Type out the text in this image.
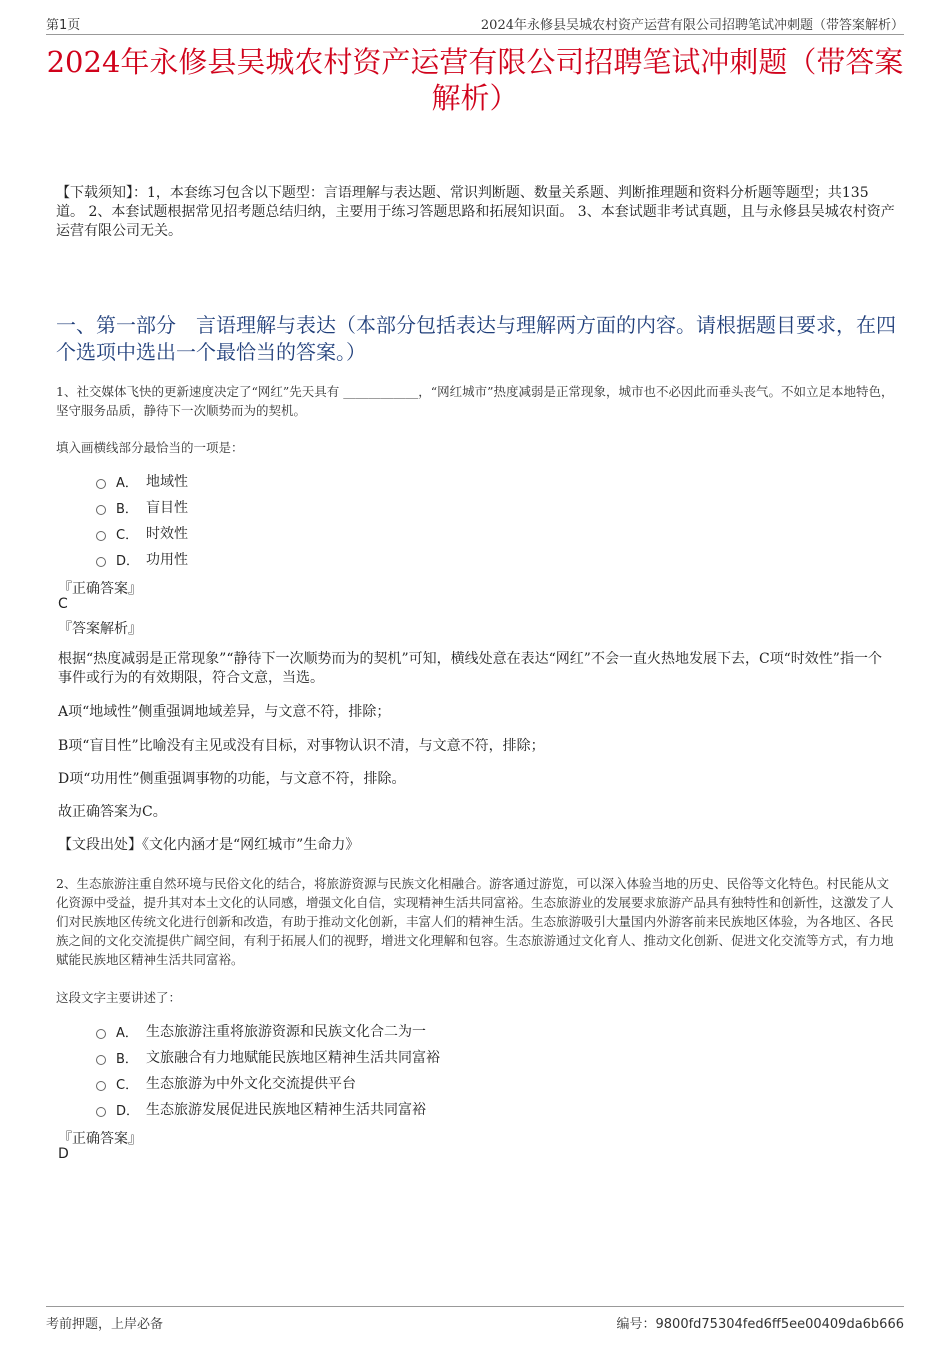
第1页	2024年永修县吴城农村资产运营有限公司招聘笔试冲刺题（带答案解析）
2024年永修县吴城农村资产运营有限公司招聘笔试冲刺题（带答案解析）
【下载须知】：1，本套练习包含以下题型：言语理解与表达题、常识判断题、数量关系题、判断推理题和资料分析题等题型；共135道。 2、本套试题根据常见招考题总结归纳，主要用于练习答题思路和拓展知识面。 3、本套试题非考试真题，且与永修县吴城农村资产运营有限公司无关。
一、第一部分　言语理解与表达（本部分包括表达与理解两方面的内容。请根据题目要求，在四个选项中选出一个最恰当的答案。）
1、社交媒体飞快的更新速度决定了“网红”先天具有 ____________，“网红城市”热度减弱是正常现象，城市也不必因此而垂头丧气。不如立足本地特色，坚守服务品质，静待下一次顺势而为的契机。
填入画横线部分最恰当的一项是：
A． 地域性
B． 盲目性
C． 时效性
D． 功用性
『正确答案』
C
『答案解析』
根据“热度减弱是正常现象”“静待下一次顺势而为的契机”可知，横线处意在表达“网红”不会一直火热地发展下去，C项“时效性”指一个事件或行为的有效期限，符合文意，当选。
A项“地域性”侧重强调地域差异，与文意不符，排除；
B项“盲目性”比喻没有主见或没有目标，对事物认识不清，与文意不符，排除；
D项“功用性”侧重强调事物的功能，与文意不符，排除。
故正确答案为C。
【文段出处】《文化内涵才是“网红城市”生命力》
2、生态旅游注重自然环境与民俗文化的结合，将旅游资源与民族文化相融合。游客通过游览，可以深入体验当地的历史、民俗等文化特色。村民能从文化资源中受益，提升其对本土文化的认同感，增强文化自信，实现精神生活共同富裕。生态旅游业的发展要求旅游产品具有独特性和创新性，这激发了人们对民族地区传统文化进行创新和改造，有助于推动文化创新，丰富人们的精神生活。生态旅游吸引大量国内外游客前来民族地区体验，为各地区、各民族之间的文化交流提供广阔空间，有利于拓展人们的视野，增进文化理解和包容。生态旅游通过文化育人、推动文化创新、促进文化交流等方式，有力地赋能民族地区精神生活共同富裕。
这段文字主要讲述了：
A． 生态旅游注重将旅游资源和民族文化合二为一
B． 文旅融合有力地赋能民族地区精神生活共同富裕
C． 生态旅游为中外文化交流提供平台
D． 生态旅游发展促进民族地区精神生活共同富裕
『正确答案』
D
考前押题，上岸必备	编号：9800fd75304fed6ff5ee00409da6b666
